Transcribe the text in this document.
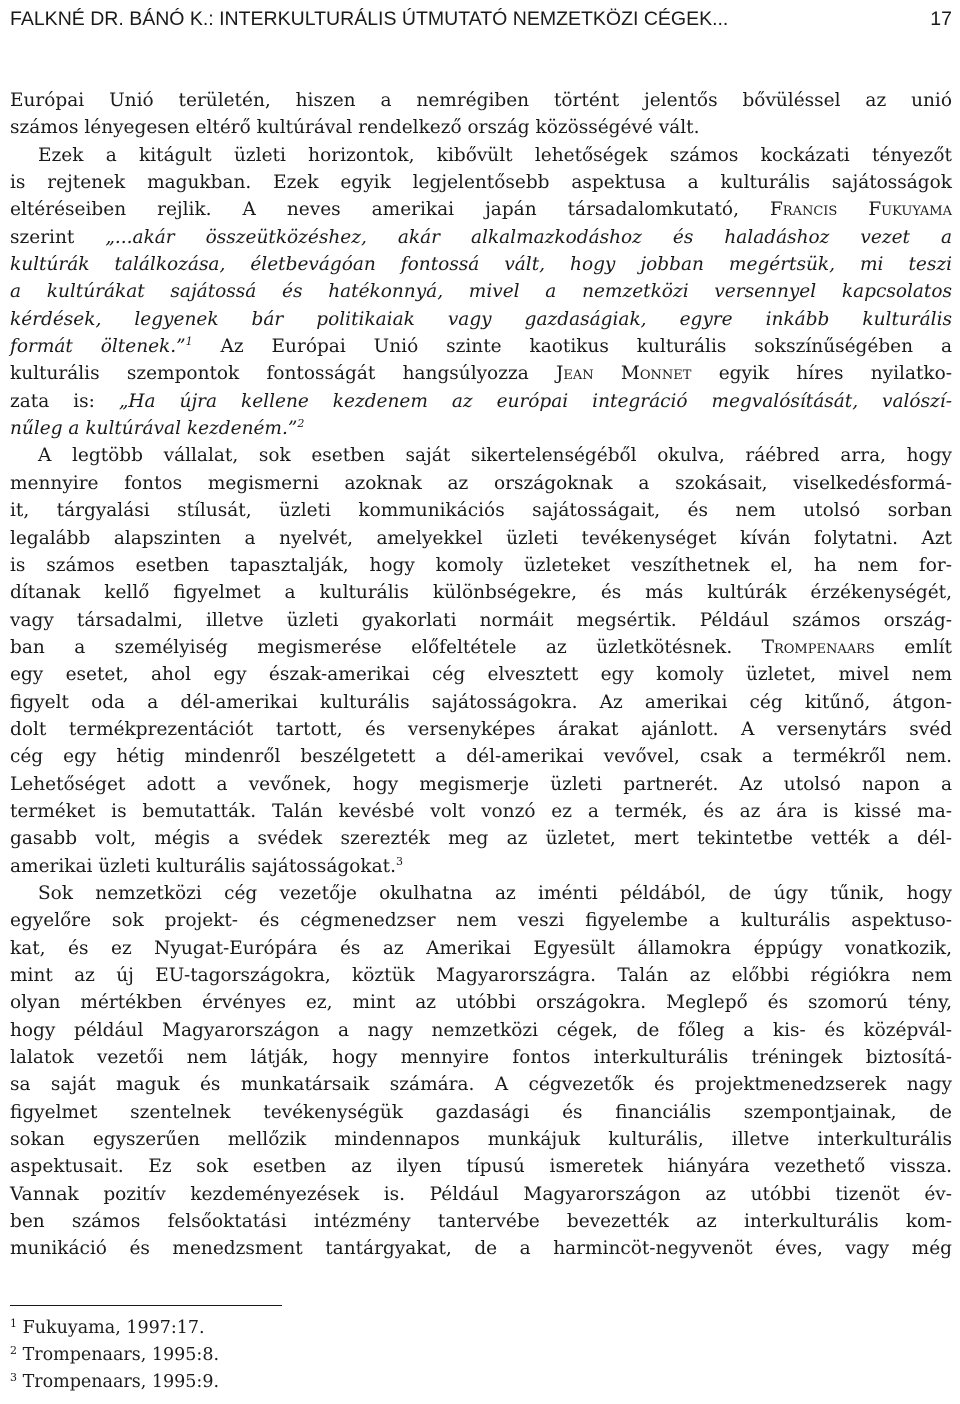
FALKNÉ DR. BÁNÓ K.: INTERKULTURÁLIS ÚTMUTATÓ NEMZETKÖZI CÉGEK...	17
Európai Unió területén, hiszen a nemrégiben történt jelentős bővüléssel az unió
számos lényegesen eltérő kultúrával rendelkező ország közösségévé vált.
Ezek a kitágult üzleti horizontok, kibővült lehetőségek számos kockázati tényezőt
is rejtenek magukban. Ezek egyik legjelentősebb aspektusa a kulturális sajátosságok
eltéréseiben rejlik. A neves amerikai japán társadalomkutató, Francis Fukuyama
szerint „...akár összeütközéshez, akár alkalmazkodáshoz és haladáshoz vezet a
kultúrák találkozása, életbevágóan fontossá vált, hogy jobban megértsük, mi teszi
a kultúrákat sajátossá és hatékonnyá, mivel a nemzetközi versennyel kapcsolatos
kérdések, legyenek bár politikaiak vagy gazdaságiak, egyre inkább kulturális
formát öltenek.”$^1$ Az Európai Unió szinte kaotikus kulturális sokszínűségében a
kulturális szempontok fontosságát hangsúlyozza Jean Monnet egyik híres nyilatko-
zata is: „Ha újra kellene kezdenem az európai integráció megvalósítását, valószí-
nűleg a kultúrával kezdeném.”$^2$
A legtöbb vállalat, sok esetben saját sikertelenségéből okulva, ráébred arra, hogy
mennyire fontos megismerni azoknak az országoknak a szokásait, viselkedésformá-
it, tárgyalási stílusát, üzleti kommunikációs sajátosságait, és nem utolsó sorban
legalább alapszinten a nyelvét, amelyekkel üzleti tevékenységet kíván folytatni. Azt
is számos esetben tapasztalják, hogy komoly üzleteket veszíthetnek el, ha nem for-
dítanak kellő figyelmet a kulturális különbségekre, és más kultúrák érzékenységét,
vagy társadalmi, illetve üzleti gyakorlati normáit megsértik. Például számos ország-
ban a személyiség megismerése előfeltétele az üzletkötésnek. Trompenaars említ
egy esetet, ahol egy észak-amerikai cég elvesztett egy komoly üzletet, mivel nem
figyelt oda a dél-amerikai kulturális sajátosságokra. Az amerikai cég kitűnő, átgon-
dolt termékprezentációt tartott, és versenyképes árakat ajánlott. A versenytárs svéd
cég egy hétig mindenről beszélgetett a dél-amerikai vevővel, csak a termékről nem.
Lehetőséget adott a vevőnek, hogy megismerje üzleti partnerét. Az utolsó napon a
terméket is bemutatták. Talán kevésbé volt vonzó ez a termék, és az ára is kissé ma-
gasabb volt, mégis a svédek szerezték meg az üzletet, mert tekintetbe vették a dél-
amerikai üzleti kulturális sajátosságokat.$^3$
Sok nemzetközi cég vezetője okulhatna az iménti példából, de úgy tűnik, hogy
egyelőre sok projekt- és cégmenedzser nem veszi figyelembe a kulturális aspektuso-
kat, és ez Nyugat-Európára és az Amerikai Egyesült államokra éppúgy vonatkozik,
mint az új EU-tagországokra, köztük Magyarországra. Talán az előbbi régiókra nem
olyan mértékben érvényes ez, mint az utóbbi országokra. Meglepő és szomorú tény,
hogy például Magyarországon a nagy nemzetközi cégek, de főleg a kis- és középvál-
lalatok vezetői nem látják, hogy mennyire fontos interkulturális tréningek biztosítá-
sa saját maguk és munkatársaik számára. A cégvezetők és projektmenedzserek nagy
figyelmet szentelnek tevékenységük gazdasági és financiális szempontjainak, de
sokan egyszerűen mellőzik mindennapos munkájuk kulturális, illetve interkulturális
aspektusait. Ez sok esetben az ilyen típusú ismeretek hiányára vezethető vissza.
Vannak pozitív kezdeményezések is. Például Magyarországon az utóbbi tizenöt év-
ben számos felsőoktatási intézmény tantervébe bevezették az interkulturális kom-
munikáció és menedzsment tantárgyakat, de a harmincöt-negyvenöt éves, vagy még
$^1$ Fukuyama, 1997:17.
$^2$ Trompenaars, 1995:8.
$^3$ Trompenaars, 1995:9.
